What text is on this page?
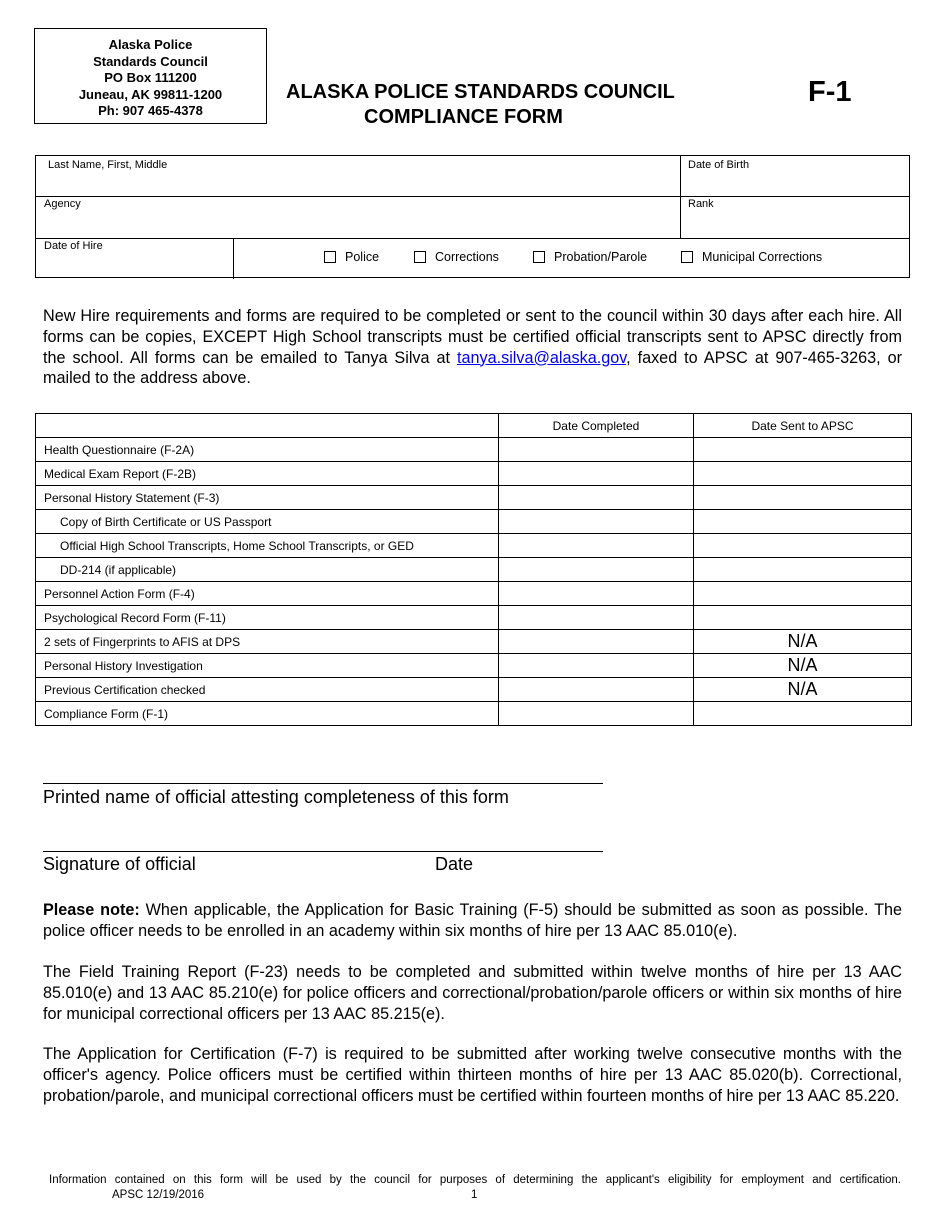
Alaska Police
Standards Council
PO Box 111200
Juneau, AK 99811-1200
Ph: 907 465-4378
ALASKA POLICE STANDARDS COUNCIL
COMPLIANCE FORM
F-1
Last Name, First, Middle	Date of Birth
Agency	Rank
Date of Hire
Police	Corrections	Probation/Parole	Municipal Corrections
New Hire requirements and forms are required to be completed or sent to the council within 30 days after each hire. All forms can be copies, EXCEPT High School transcripts must be certified official transcripts sent to APSC directly from the school. All forms can be emailed to Tanya Silva at tanya.silva@alaska.gov, faxed to APSC at 907-465-3263, or mailed to the address above.
	Date Completed	Date Sent to APSC
Health Questionnaire (F-2A)		
Medical Exam Report (F-2B)		
Personal History Statement (F-3)		
Copy of Birth Certificate or US Passport		
Official High School Transcripts, Home School Transcripts, or GED		
DD-214 (if applicable)		
Personnel Action Form (F-4)		
Psychological Record Form (F-11)		
2 sets of Fingerprints to AFIS at DPS		N/A
Personal History Investigation		N/A
Previous Certification checked		N/A
Compliance Form (F-1)		
Printed name of official attesting completeness of this form
Signature of official	Date
Please note: When applicable, the Application for Basic Training (F-5) should be submitted as soon as possible. The police officer needs to be enrolled in an academy within six months of hire per 13 AAC 85.010(e).
The Field Training Report (F-23) needs to be completed and submitted within twelve months of hire per 13 AAC 85.010(e) and 13 AAC 85.210(e) for police officers and correctional/probation/parole officers or within six months of hire for municipal correctional officers per 13 AAC 85.215(e).
The Application for Certification (F-7) is required to be submitted after working twelve consecutive months with the officer's agency. Police officers must be certified within thirteen months of hire per 13 AAC 85.020(b). Correctional, probation/parole, and municipal correctional officers must be certified within fourteen months of hire per 13 AAC 85.220.
Information contained on this form will be used by the council for purposes of determining the applicant's eligibility for employment and certification.
APSC 12/19/2016	1
